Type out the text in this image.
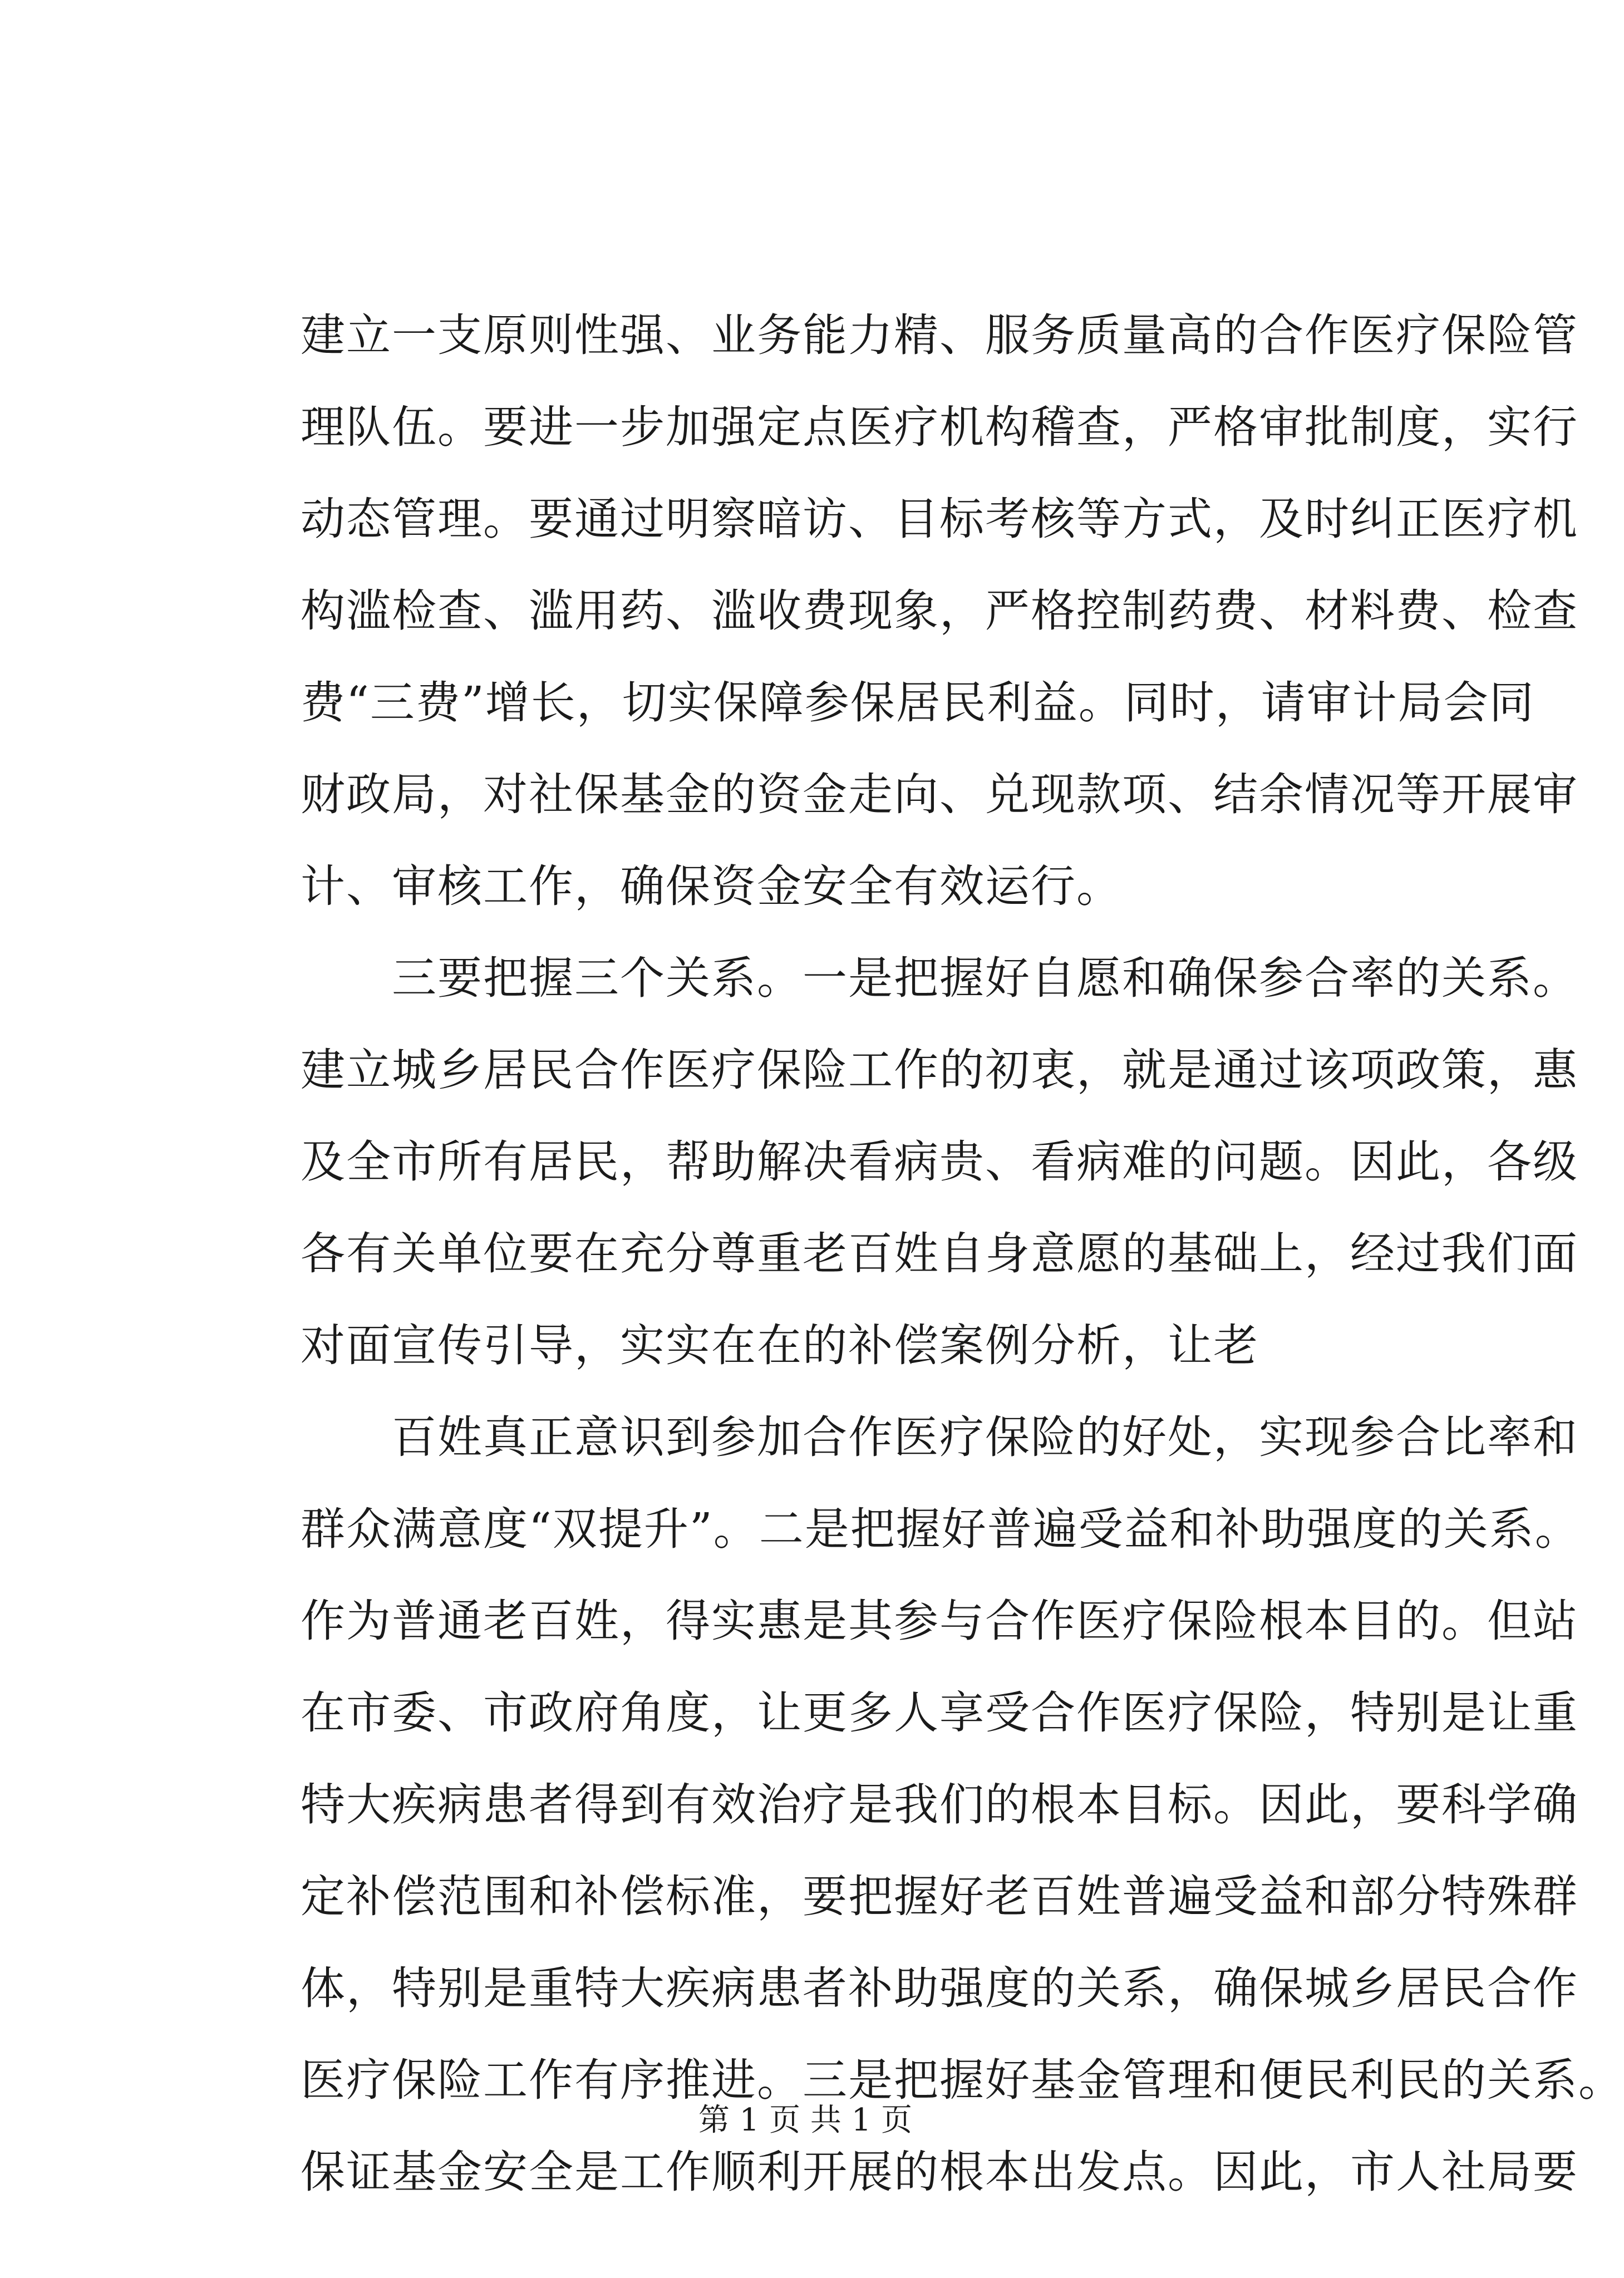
建立一支原则性强、业务能力精、服务质量高的合作医疗保险管
理队伍。要进一步加强定点医疗机构稽查，严格审批制度，实行
动态管理。要通过明察暗访、目标考核等方式，及时纠正医疗机
构滥检查、滥用药、滥收费现象，严格控制药费、材料费、检查
费“三费”增长，切实保障参保居民利益。同时，请审计局会同
财政局，对社保基金的资金走向、兑现款项、结余情况等开展审
计、审核工作，确保资金安全有效运行。
　　三要把握三个关系。一是把握好自愿和确保参合率的关系。
建立城乡居民合作医疗保险工作的初衷，就是通过该项政策，惠
及全市所有居民，帮助解决看病贵、看病难的问题。因此，各级
各有关单位要在充分尊重老百姓自身意愿的基础上，经过我们面
对面宣传引导，实实在在的补偿案例分析，让老
　　百姓真正意识到参加合作医疗保险的好处，实现参合比率和
群众满意度“双提升”。二是把握好普遍受益和补助强度的关系。
作为普通老百姓，得实惠是其参与合作医疗保险根本目的。但站
在市委、市政府角度，让更多人享受合作医疗保险，特别是让重
特大疾病患者得到有效治疗是我们的根本目标。因此，要科学确
定补偿范围和补偿标准，要把握好老百姓普遍受益和部分特殊群
体，特别是重特大疾病患者补助强度的关系，确保城乡居民合作
医疗保险工作有序推进。三是把握好基金管理和便民利民的关系。
保证基金安全是工作顺利开展的根本出发点。因此，市人社局要
第 1 页 共 1 页
